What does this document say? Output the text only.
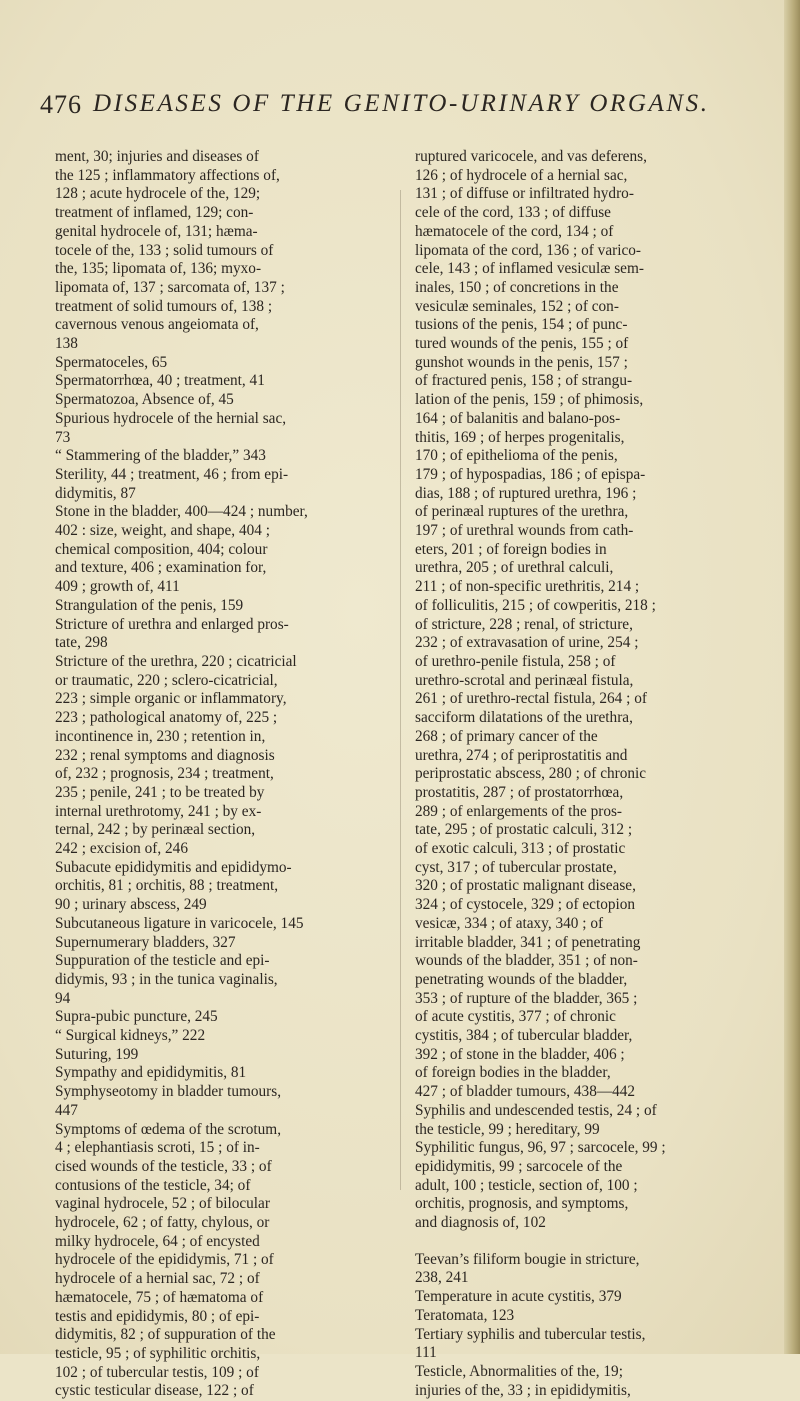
476 DISEASES OF THE GENITO-URINARY ORGANS.

ment, 30; injuries and diseases of
the 125 ; inflammatory affections of,
128 ; acute hydrocele of the, 129;
treatment of inflamed, 129; con-
genital hydrocele of, 131; hæma-
tocele of the, 133 ; solid tumours of
the, 135; lipomata of, 136; myxo-
lipomata of, 137 ; sarcomata of, 137 ;
treatment of solid tumours of, 138 ;
cavernous venous angeiomata of,
138

Spermatoceles, 65

Spermatorrhœa, 40 ; treatment, 41

Spermatozoa, Absence of, 45

Spurious hydrocele of the hernial sac,
73

“ Stammering of the bladder,” 343

Sterility, 44 ; treatment, 46 ; from epi-
didymitis, 87

Stone in the bladder, 400—424 ; number,
402 : size, weight, and shape, 404 ;
chemical composition, 404; colour
and texture, 406 ; examination for,
409 ; growth of, 411

Strangulation of the penis, 159

Stricture of urethra and enlarged pros-
tate, 298

Stricture of the urethra, 220 ; cicatricial
or traumatic, 220 ; sclero-cicatricial,
223 ; simple organic or inflammatory,
223 ; pathological anatomy of, 225 ;
incontinence in, 230 ; retention in,
232 ; renal symptoms and diagnosis
of, 232 ; prognosis, 234 ; treatment,
235 ; penile, 241 ; to be treated by
internal urethrotomy, 241 ; by ex-
ternal, 242 ; by perinæal section,
242 ; excision of, 246

Subacute epididymitis and epididymo-
orchitis, 81 ; orchitis, 88 ; treatment,
90 ; urinary abscess, 249

Subcutaneous ligature in varicocele, 145

Supernumerary bladders, 327

Suppuration of the testicle and epi-
didymis, 93 ; in the tunica vaginalis,
94

Supra-pubic puncture, 245

“ Surgical kidneys,” 222

Suturing, 199

Sympathy and epididymitis, 81

Symphyseotomy in bladder tumours,
447

Symptoms of œdema of the scrotum,
4 ; elephantiasis scroti, 15 ; of in-
cised wounds of the testicle, 33 ; of
contusions of the testicle, 34; of
vaginal hydrocele, 52 ; of bilocular
hydrocele, 62 ; of fatty, chylous, or
milky hydrocele, 64 ; of encysted
hydrocele of the epididymis, 71 ; of
hydrocele of a hernial sac, 72 ; of
hæmatocele, 75 ; of hæmatoma of
testis and epididymis, 80 ; of epi-
didymitis, 82 ; of suppuration of the
testicle, 95 ; of syphilitic orchitis,
102 ; of tubercular testis, 109 ; of
cystic testicular disease, 122 ; of

ruptured varicocele, and vas deferens,
126 ; of hydrocele of a hernial sac,
131 ; of diffuse or infiltrated hydro-
cele of the cord, 133 ; of diffuse
hæmatocele of the cord, 134 ; of
lipomata of the cord, 136 ; of varico-
cele, 143 ; of inflamed vesiculæ sem-
inales, 150 ; of concretions in the
vesiculæ seminales, 152 ; of con-
tusions of the penis, 154 ; of punc-
tured wounds of the penis, 155 ; of
gunshot wounds in the penis, 157 ;
of fractured penis, 158 ; of strangu-
lation of the penis, 159 ; of phimosis,
164 ; of balanitis and balano-pos-
thitis, 169 ; of herpes progenitalis,
170 ; of epithelioma of the penis,
179 ; of hypospadias, 186 ; of epispa-
dias, 188 ; of ruptured urethra, 196 ;
of perinæal ruptures of the urethra,
197 ; of urethral wounds from cath-
eters, 201 ; of foreign bodies in
urethra, 205 ; of urethral calculi,
211 ; of non-specific urethritis, 214 ;
of folliculitis, 215 ; of cowperitis, 218 ;
of stricture, 228 ; renal, of stricture,
232 ; of extravasation of urine, 254 ;
of urethro-penile fistula, 258 ; of
urethro-scrotal and perinæal fistula,
261 ; of urethro-rectal fistula, 264 ; of
sacciform dilatations of the urethra,
268 ; of primary cancer of the
urethra, 274 ; of periprostatitis and
periprostatic abscess, 280 ; of chronic
prostatitis, 287 ; of prostatorrhœa,
289 ; of enlargements of the pros-
tate, 295 ; of prostatic calculi, 312 ;
of exotic calculi, 313 ; of prostatic
cyst, 317 ; of tubercular prostate,
320 ; of prostatic malignant disease,
324 ; of cystocele, 329 ; of ectopion
vesicæ, 334 ; of ataxy, 340 ; of
irritable bladder, 341 ; of penetrating
wounds of the bladder, 351 ; of non-
penetrating wounds of the bladder,
353 ; of rupture of the bladder, 365 ;
of acute cystitis, 377 ; of chronic
cystitis, 384 ; of tubercular bladder,
392 ; of stone in the bladder, 406 ;
of foreign bodies in the bladder,
427 ; of bladder tumours, 438—442

Syphilis and undescended testis, 24 ; of
the testicle, 99 ; hereditary, 99

Syphilitic fungus, 96, 97 ; sarcocele, 99 ;
epididymitis, 99 ; sarcocele of the
adult, 100 ; testicle, section of, 100 ;
orchitis, prognosis, and symptoms,
and diagnosis of, 102

Teevan’s filiform bougie in stricture,
238, 241

Temperature in acute cystitis, 379

Teratomata, 123

Tertiary syphilis and tubercular testis,
111

Testicle, Abnormalities of the, 19;
injuries of the, 33 ; in epididymitis,
